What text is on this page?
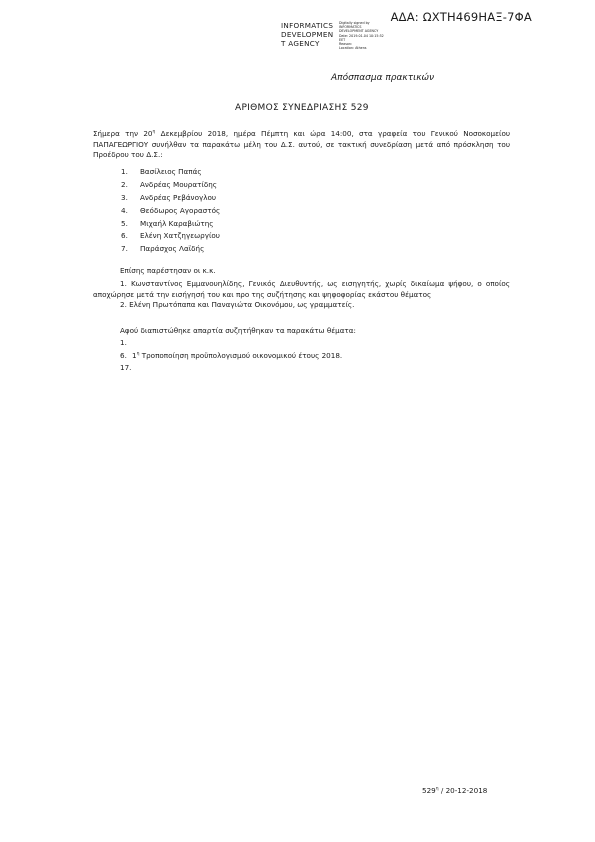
ΑΔΑ: ΩΧΤΗ469ΗΑΞ-7ΦΑ
INFORMATICS
DEVELOPMEN
T AGENCY
Digitally signed by
INFORMATICS
DEVELOPMENT AGENCY
Date: 2019.01.04 10:15:52
EET
Reason:
Location: Athens
Απόσπασμα πρακτικών
ΑΡΙΘΜΟΣ ΣΥΝΕΔΡΙΑΣΗΣ 529
Σήμερα την $20^\eta$ Δεκεμβρίου 2018, ημέρα Πέμπτη και ώρα 14:00, στα γραφεία του Γενικού Νοσοκομείου ΠΑΠΑΓΕΩΡΓΙΟΥ συνήλθαν τα παρακάτω μέλη του Δ.Σ. αυτού, σε τακτική συνεδρίαση μετά από πρόσκληση του Προέδρου του Δ.Σ.:
1.	Βασίλειος Παπάς
2.	Ανδρέας Μουρατίδης
3.	Ανδρέας Ρεβάνογλου
4.	Θεόδωρος Αγοραστός
5.	Μιχαήλ Καραβιώτης
6.	Ελένη Χατζηγεωργίου
7.	Παράσχος Λαϊδής
Επίσης παρέστησαν οι κ.κ.

1. Κωνσταντίνος Εμμανουηλίδης, Γενικός Διευθυντής, ως εισηγητής, χωρίς δικαίωμα ψήφου, ο οποίος αποχώρησε μετά την εισήγησή του και προ της συζήτησης και ψηφοφορίας εκάστου θέματος

2. Ελένη Πρωτόπαπα και Παναγιώτα Οικονόμου, ως γραμματείς.

Αφού διαπιστώθηκε απαρτία συζητήθηκαν τα παρακάτω θέματα:
1.
6. $1^\eta$ Τροποποίηση προϋπολογισμού οικονομικού έτους 2018.
17.
$529^\eta / 20-12-2018$
